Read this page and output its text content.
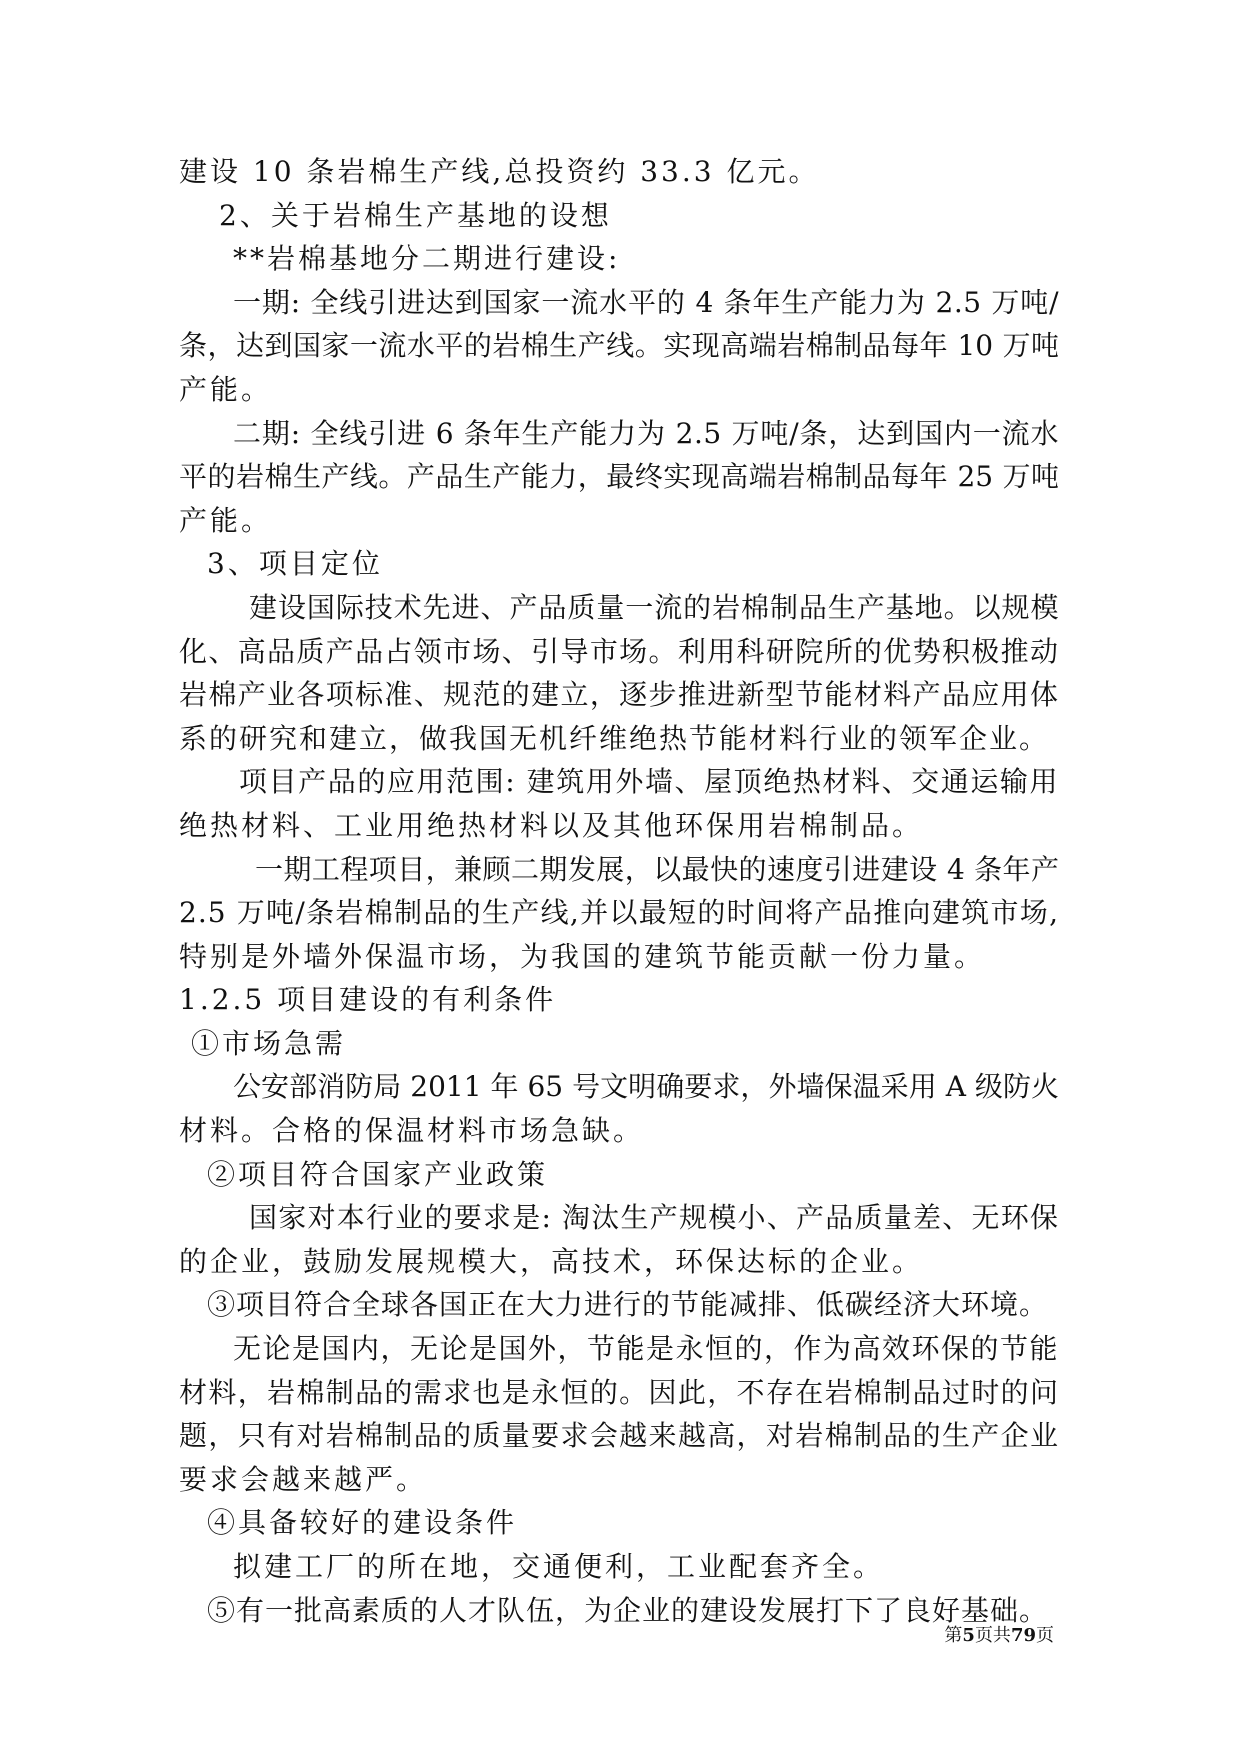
建设 10 条岩棉生产线,总投资约 33.3 亿元。
2、关于岩棉生产基地的设想
**岩棉基地分二期进行建设:
一期: 全线引进达到国家一流水平的 4 条年生产能力为 2.5 万吨/
条，达到国家一流水平的岩棉生产线。实现高端岩棉制品每年 10 万吨
产能。
二期: 全线引进 6 条年生产能力为 2.5 万吨/条，达到国内一流水
平的岩棉生产线。产品生产能力，最终实现高端岩棉制品每年 25 万吨
产能。
3、项目定位
建设国际技术先进、产品质量一流的岩棉制品生产基地。以规模
化、高品质产品占领市场、引导市场。利用科研院所的优势积极推动
岩棉产业各项标准、规范的建立，逐步推进新型节能材料产品应用体
系的研究和建立，做我国无机纤维绝热节能材料行业的领军企业。
项目产品的应用范围: 建筑用外墙、屋顶绝热材料、交通运输用
绝热材料、工业用绝热材料以及其他环保用岩棉制品。
一期工程项目，兼顾二期发展，以最快的速度引进建设 4 条年产
2.5 万吨/条岩棉制品的生产线,并以最短的时间将产品推向建筑市场,
特别是外墙外保温市场，为我国的建筑节能贡献一份力量。
1.2.5 项目建设的有利条件
①市场急需
公安部消防局 2011 年 65 号文明确要求，外墙保温采用 A 级防火
材料。合格的保温材料市场急缺。
②项目符合国家产业政策
国家对本行业的要求是: 淘汰生产规模小、产品质量差、无环保
的企业，鼓励发展规模大，高技术，环保达标的企业。
③项目符合全球各国正在大力进行的节能减排、低碳经济大环境。
无论是国内，无论是国外，节能是永恒的，作为高效环保的节能
材料，岩棉制品的需求也是永恒的。因此，不存在岩棉制品过时的问
题，只有对岩棉制品的质量要求会越来越高，对岩棉制品的生产企业
要求会越来越严。
④具备较好的建设条件
拟建工厂的所在地，交通便利，工业配套齐全。
⑤有一批高素质的人才队伍，为企业的建设发展打下了良好基础。
第5页共79页
